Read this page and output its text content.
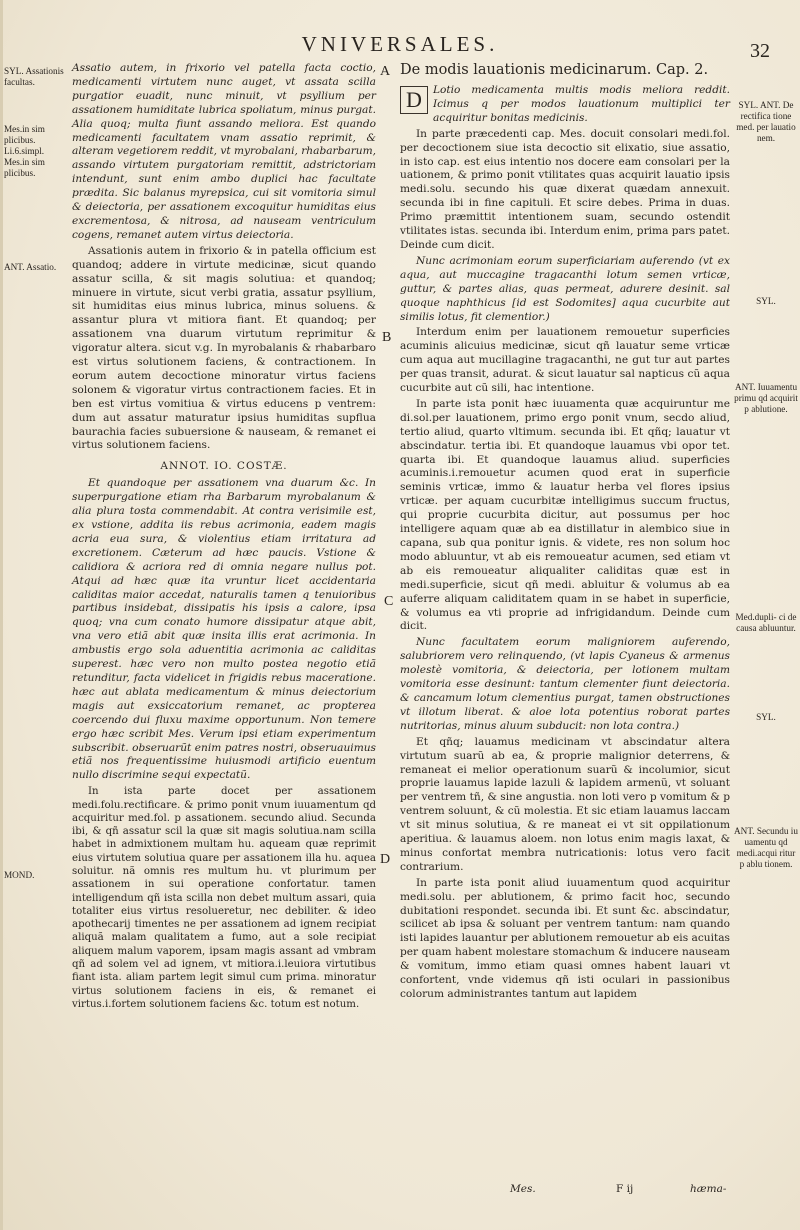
VNIVERSALES.	32
SYL. Assationis facultas.
Mes.in sim plicibus. Li.6.simpl. Mes.in sim plicibus.
ANT. Assatio.
MOND.
A
B
C
D

Assatio autem, in frixorio vel patella facta coctio, medicamenti virtutem nunc auget, vt assata scilla purgatior euadit, nunc minuit, vt psyllium per assationem humiditate lubrica spoliatum, minus purgat. Alia quoq; multa fiunt assando meliora. Est quando medicamenti facultatem vnam assatio reprimit, & alteram vegetiorem reddit, vt myrobalani, rhabarbarum, assando virtutem purgatoriam remittit, adstrictoriam intendunt, sunt enim ambo duplici hac facultate prædita. Sic balanus myrepsica, cui sit vomitoria simul & deiectoria, per assationem excoquitur humiditas eius excrementosa, & nitrosa, ad nauseam ventriculum cogens, remanet autem virtus deiectoria.

Assationis autem in frixorio & in patella officium est quandoq; addere in virtute medicinæ, sicut quando assatur scilla, & sit magis solutiua: et quandoq; minuere in virtute, sicut verbi gratia, assatur psyllium, sit humiditas eius minus lubrica, minus soluens. & assantur plura vt mitiora fiant. Et quandoq; per assationem vna duarum virtutum reprimitur & vigoratur altera. sicut v.g. In myrobalanis & rhabarbaro est virtus solutionem faciens, & contractionem. In eorum autem decoctione minoratur virtus faciens solonem & vigoratur virtus contractionem facies. Et in ben est virtus vomitiua & virtus educens p ventrem: dum aut assatur maturatur ipsius humiditas supflua baurachia facies subuersione & nauseam, & remanet ei virtus solutionem faciens.

ANNOT. IO. COSTÆ.

Et quandoque per assationem vna duarum &c. In superpurgatione etiam rha Barbarum myrobalanum & alia plura tosta commendabit. At contra verisimile est, ex vstione, addita iis rebus acrimonia, eadem magis acria eua sura, & violentius etiam irritatura ad excretionem. Cæterum ad hæc paucis. Vstione & calidiora & acriora red di omnia negare nullus pot. Atqui ad hæc quæ ita vruntur licet accidentaria caliditas maior accedat, naturalis tamen q tenuioribus partibus insidebat, dissipatis his ipsis a calore, ipsa quoq; vna cum conato humore dissipatur atque abit, vna vero etiã abit quæ insita illis erat acrimonia. In ambustis ergo sola aduentitia acrimonia ac caliditas superest. hæc vero non multo postea negotio etiã retunditur, facta videlicet in frigidis rebus maceratione. hæc aut ablata medicamentum & minus deiectorium magis aut exsiccatorium remanet, ac propterea coercendo dui fluxu maxime opportunum. Non temere ergo hæc scribit Mes. Verum ipsi etiam experimentum subscribit. obseruarũt enim patres nostri, obseruauimus etiã nos frequentissime huiusmodi artificio euentum nullo discrimine sequi expectatũ.

In ista parte docet per assationem medi.folu.rectificare. & primo ponit vnum iuuamentum qd acquiritur med.fol. p assationem. secundo aliud. Secunda ibi, & qñ assatur scil la quæ sit magis solutiua.nam scilla habet in admixtionem multam hu. aqueam quæ reprimit eius virtutem solutiua quare per assationem illa hu. aquea soluitur. nã omnis res multum hu. vt plurimum per assationem in sui operatione confortatur. tamen intelligendum qñ ista scilla non debet multum assari, quia totaliter eius virtus resolueretur, nec debiliter. & ideo apothecarij timentes ne per assationem ad ignem recipiat aliquã malam qualitatem a fumo, aut a sole recipiat aliquem malum vaporem, ipsam magis assant ad vmbram qñ ad solem vel ad ignem, vt mitiora.i.leuiora virtutibus fiant ista. aliam partem legit simul cum prima. minoratur virtus solutionem faciens in eis, & remanet ei virtus.i.fortem solutionem faciens &c. totum est notum.

De modis lauationis medicinarum. Cap. 2.
D	Lotio medicamenta multis modis meliora reddit. Icimus q per modos lauationum multiplici ter acquiritur bonitas medicinis.

In parte præcedenti cap. Mes. docuit consolari medi.fol. per decoctionem siue ista decoctio sit elixatio, siue assatio, in isto cap. est eius intentio nos docere eam consolari per la uationem, & primo ponit vtilitates quas acquirit lauatio ipsis medi.solu. secundo his quæ dixerat quædam annexuit. secunda ibi in fine capituli. Et scire debes. Prima in duas. Primo præmittit intentionem suam, secundo ostendit vtilitates istas. secunda ibi. Interdum enim, prima pars patet. Deinde cum dicit.

Nunc acrimoniam eorum superficiariam auferendo (vt ex aqua, aut muccagine tragacanthi lotum semen vrticæ, guttur, & partes alias, quas permeat, adurere desinit. sal quoque naphthicus [id est Sodomites] aqua cucurbite aut similis lotus, fit clementior.)

Interdum enim per lauationem remouetur superficies acuminis alicuius medicinæ, sicut qñ lauatur seme vrticæ cum aqua aut mucillagine tragacanthi, ne gut tur aut partes per quas transit, adurat. & sicut lauatur sal napticus cũ aqua cucurbite aut cũ sili, hac intentione.

In parte ista ponit hæc iuuamenta quæ acquiruntur me di.sol.per lauationem, primo ergo ponit vnum, secdo aliud, tertio aliud, quarto vltimum. secunda ibi. Et qñq; lauatur vt abscindatur. tertia ibi. Et quandoque lauamus vbi opor tet. quarta ibi. Et quandoque lauamus aliud. superficies acuminis.i.remouetur acumen quod erat in superficie seminis vrticæ, immo & lauatur herba vel flores ipsius vrticæ. per aquam cucurbitæ intelligimus succum fructus, qui proprie cucurbita dicitur, aut possumus per hoc intelligere aquam quæ ab ea distillatur in alembico siue in capana, sub qua ponitur ignis. & videte, res non solum hoc modo abluuntur, vt ab eis remoueatur acumen, sed etiam vt ab eis remoueatur aliqualiter caliditas quæ est in medi.superficie, sicut qñ medi. abluitur & volumus ab ea auferre aliquam caliditatem quam in se habet in superficie, & volumus ea vti proprie ad infrigidandum. Deinde cum dicit.

Nunc facultatem eorum maligniorem auferendo, salubriorem vero relinquendo, (vt lapis Cyaneus & armenus molestè vomitoria, & deiectoria, per lotionem multam vomitoria esse desinunt: tantum clementer fiunt deiectoria. & cancamum lotum clementius purgat, tamen obstructiones vt illotum liberat. & aloe lota potentius roborat partes nutritorias, minus aluum subducit: non lota contra.)

Et qñq; lauamus medicinam vt abscindatur altera virtutum suarũ ab ea, & proprie malignior deterrens, & remaneat ei melior operationum suarũ & incolumior, sicut proprie lauamus lapide lazuli & lapidem armenũ, vt soluant per ventrem tñ, & sine angustia. non loti vero p vomitum & p ventrem soluunt, & cũ molestia. Et sic etiam lauamus laccam vt sit minus solutiua, & re maneat ei vt sit oppilationum aperitiua. & lauamus aloem. non lotus enim magis laxat, & minus confortat membra nutricationis: lotus vero facit contrarium.

In parte ista ponit aliud iuuamentum quod acquiritur medi.solu. per ablutionem, & primo facit hoc, secundo dubitationi respondet. secunda ibi. Et sunt &c. abscindatur, scilicet ab ipsa & soluant per ventrem tantum: nam quando isti lapides lauantur per ablutionem remouetur ab eis acuitas per quam habent molestare stomachum & inducere nauseam & vomitum, immo etiam quasi omnes habent lauari vt confortent, vnde videmus qñ isti oculari in passionibus colorum administrantes tantum aut lapidem

SYL. ANT. De rectifica tione med. per lauatio nem.
SYL.
ANT. Iuuamentu primu qd acquirit p ablutione.
Med.dupli- ci de causa abluuntur.
SYL.
ANT. Secundu iu uamentu qd medi.acqui ritur p ablu tionem.
Mes.	F ij	hæma-
